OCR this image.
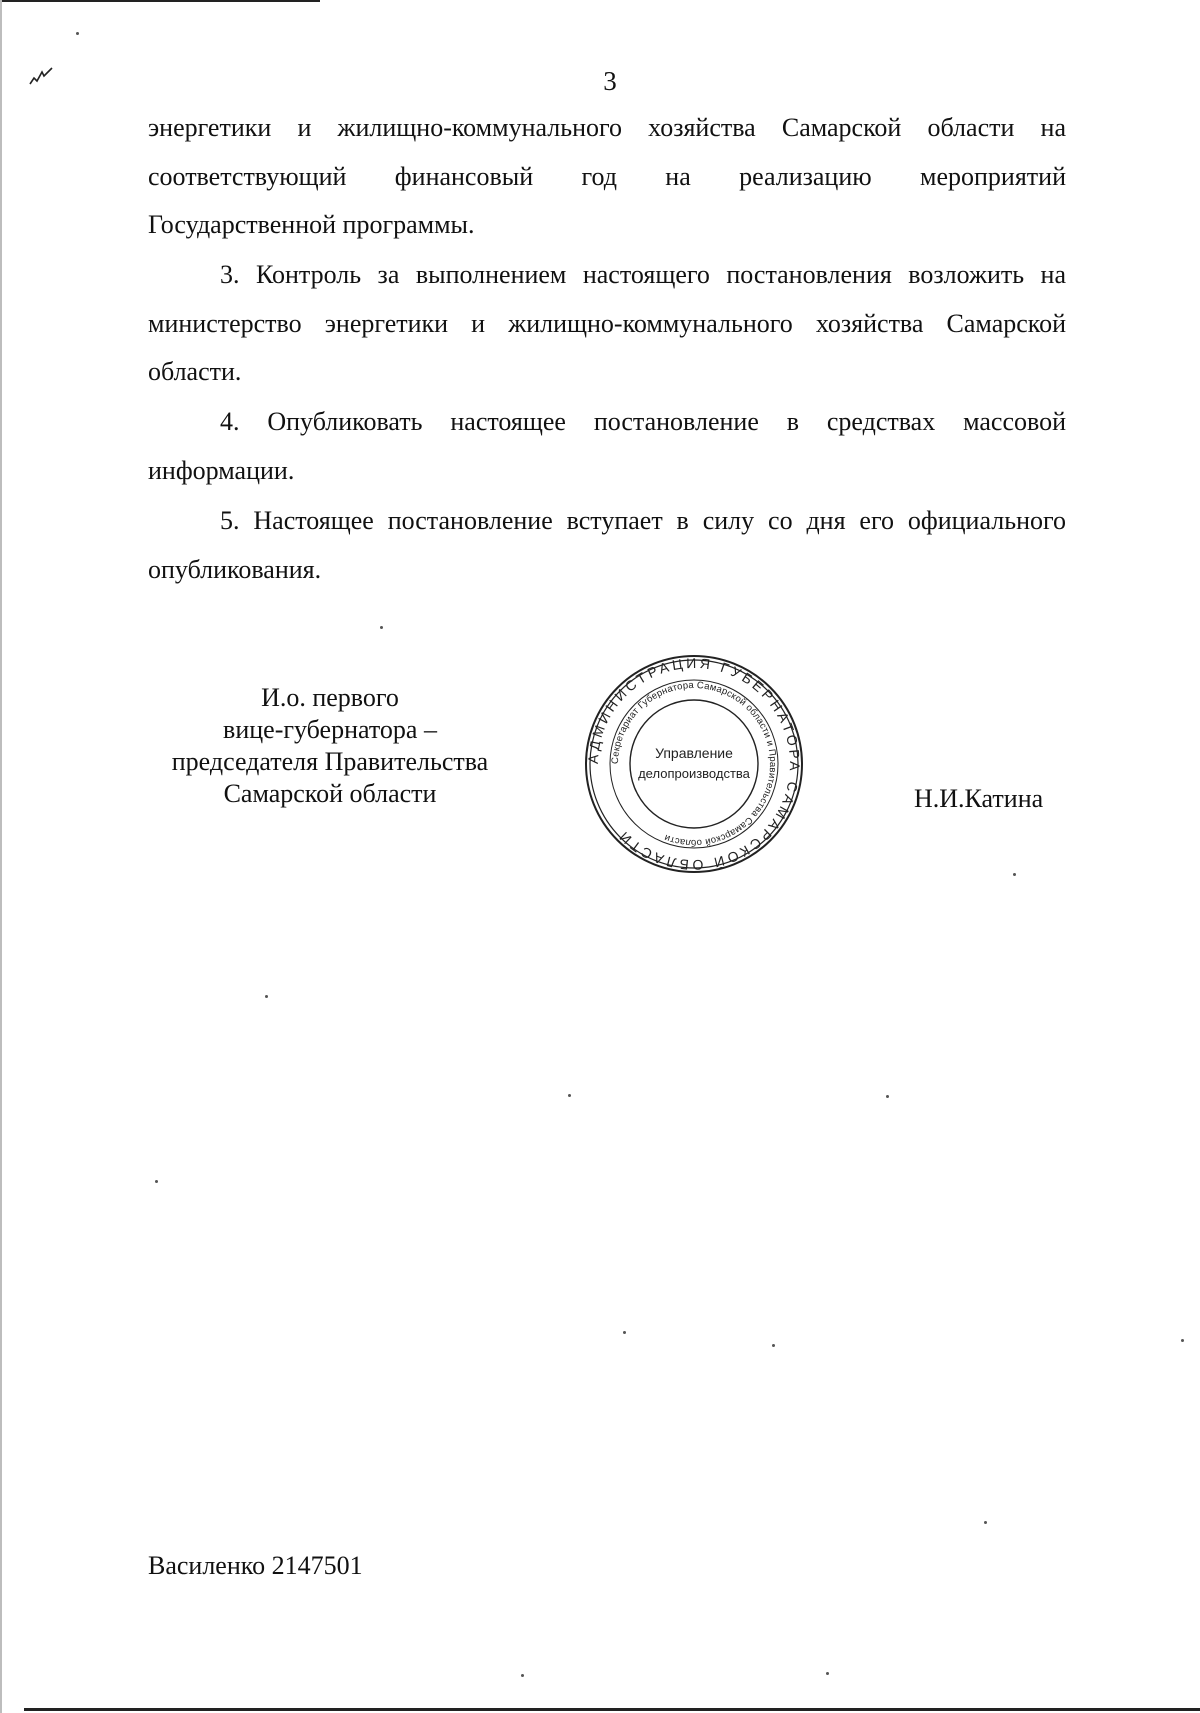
3
энергетики и жилищно-коммунального хозяйства Самарской области на
соответствующий финансовый год на реализацию мероприятий
Государственной программы.
3. Контроль за выполнением настоящего постановления возложить на
министерство энергетики и жилищно-коммунального хозяйства Самарской
области.
4. Опубликовать настоящее постановление в средствах массовой
информации.
5. Настоящее постановление вступает в силу со дня его официального
опубликования.
И.о. первого
вице-губернатора –
председателя Правительства
Самарской области
АДМИНИСТРАЦИЯ ГУБЕРНАТОРА САМАРСКОЙ ОБЛАСТИ
Секретариат Губернатора Самарской области и Правительства Самарской области
Управление
делопроизводства
Н.И.Катина
Василенко 2147501
